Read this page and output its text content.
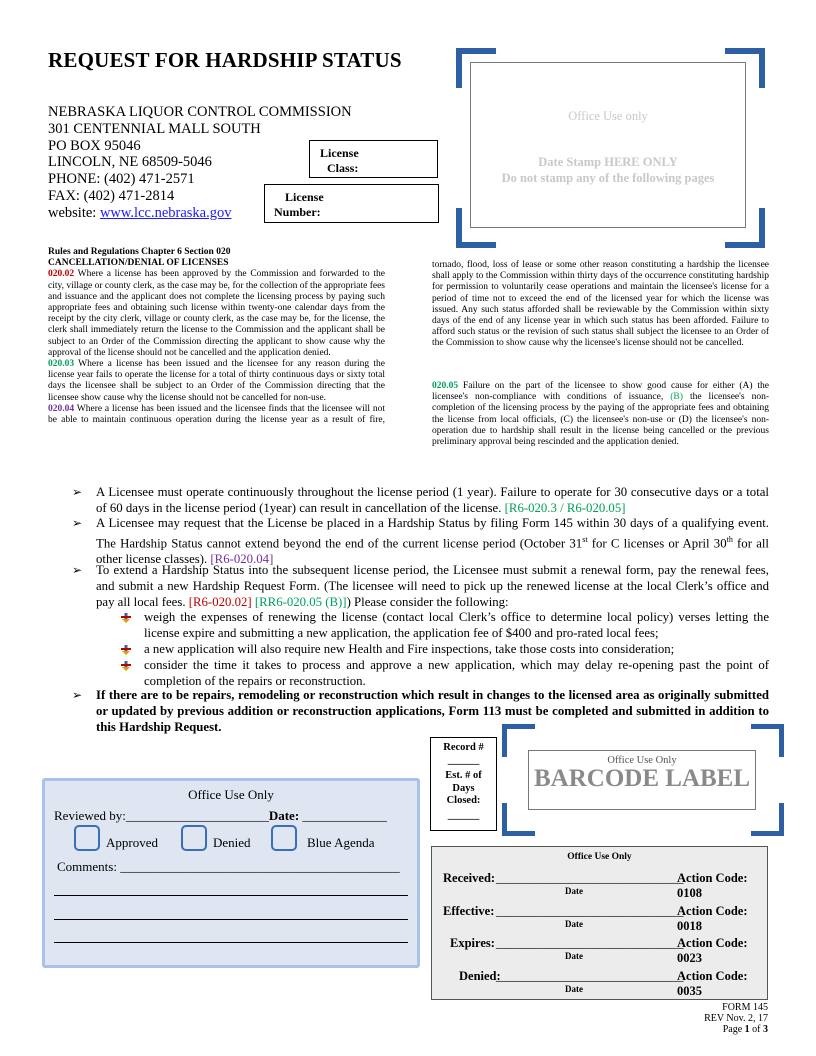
REQUEST FOR HARDSHIP STATUS
NEBRASKA LIQUOR CONTROL COMMISSION
301 CENTENNIAL MALL SOUTH
PO BOX 95046
LINCOLN, NE 68509-5046
PHONE: (402) 471-2571
FAX: (402) 471-2814
website: www.lcc.nebraska.gov
License
Class:
License
Number:
Office Use only
Date Stamp HERE ONLY
Do not stamp any of the following pages

Rules and Regulations Chapter 6 Section 020

CANCELLATION/DENIAL OF LICENSES

020.02 Where a license has been approved by the Commission and forwarded to the city, village or county clerk, as the case may be, for the collection of the appropriate fees and issuance and the applicant does not complete the licensing process by paying such appropriate fees and obtaining such license within twenty-one calendar days from the receipt by the city clerk, village or county clerk, as the case may be, for the license, the clerk shall immediately return the license to the Commission and the applicant shall be subject to an Order of the Commission directing the applicant to show cause why the approval of the license should not be cancelled and the application denied.

020.03 Where a license has been issued and the licensee for any reason during the license year fails to operate the license for a total of thirty continuous days or sixty total days the licensee shall be subject to an Order of the Commission directing that the licensee show cause why the license should not be cancelled for non-use.

020.04 Where a license has been issued and the licensee finds that the licensee will not be able to maintain continuous operation during the license year as a result of fire,

tornado, flood, loss of lease or some other reason constituting a hardship the licensee shall apply to the Commission within thirty days of the occurrence constituting hardship for permission to voluntarily cease operations and maintain the licensee's license for a period of time not to exceed the end of the licensed year for which the license was issued. Any such status afforded shall be reviewable by the Commission within sixty days of the end of any license year in which such status has been afforded. Failure to afford such status or the revision of such status shall subject the licensee to an Order of the Commission to show cause why the licensee's license should not be cancelled.

020.05 Failure on the part of the licensee to show good cause for either (A) the licensee's non-compliance with conditions of issuance, (B) the licensee's non- completion of the licensing process by the paying of the appropriate fees and obtaining the license from local officials, (C) the licensee's non-use or (D) the licensee's non- operation due to hardship shall result in the license being cancelled or the previous preliminary approval being rescinded and the application denied.

➢ A Licensee must operate continuously throughout the license period (1 year). Failure to operate for 30 consecutive days or a total of 60 days in the license period (1year) can result in cancellation of the license. [R6-020.3 / R6-020.05]
➢ A Licensee may request that the License be placed in a Hardship Status by filing Form 145 within 30 days of a qualifying event. The Hardship Status cannot extend beyond the end of the current license period (October 31st for C licenses or April 30th for all other license classes). [R6-020.04]
➢ To extend a Hardship Status into the subsequent license period, the Licensee must submit a renewal form, pay the renewal fees, and submit a new Hardship Request Form. (The licensee will need to pick up the renewed license at the local Clerk’s office and pay all local fees. [R6-020.02] [RR6-020.05 (B)]) Please consider the following:
weigh the expenses of renewing the license (contact local Clerk’s office to determine local policy) verses letting the license expire and submitting a new application, the application fee of $400 and pro-rated local fees;
a new application will also require new Health and Fire inspections, take those costs into consideration;
consider the time it takes to process and approve a new application, which may delay re-opening past the point of completion of the repairs or reconstruction.
➢ If there are to be repairs, remodeling or reconstruction which result in changes to the licensed area as originally submitted or updated by previous addition or reconstruction applications, Form 113 must be completed and submitted in addition to this Hardship Request.
Office Use Only
Reviewed by:______________________Date: _____________
Approved	Denied	Blue Agenda
Comments: ___________________________________________
Record #
______
Est. # of
Days
Closed:
______
Office Use Only
BARCODE LABEL
Office Use Only
Received: ______________________________
Action Code: 0108
Date
Effective: ______________________________
Action Code: 0018
Date
Expires: ______________________________
Action Code: 0023
Date
Denied:
______________________________
Action Code: 0035
Date
FORM 145
REV Nov. 2, 17
Page 1 of 3
